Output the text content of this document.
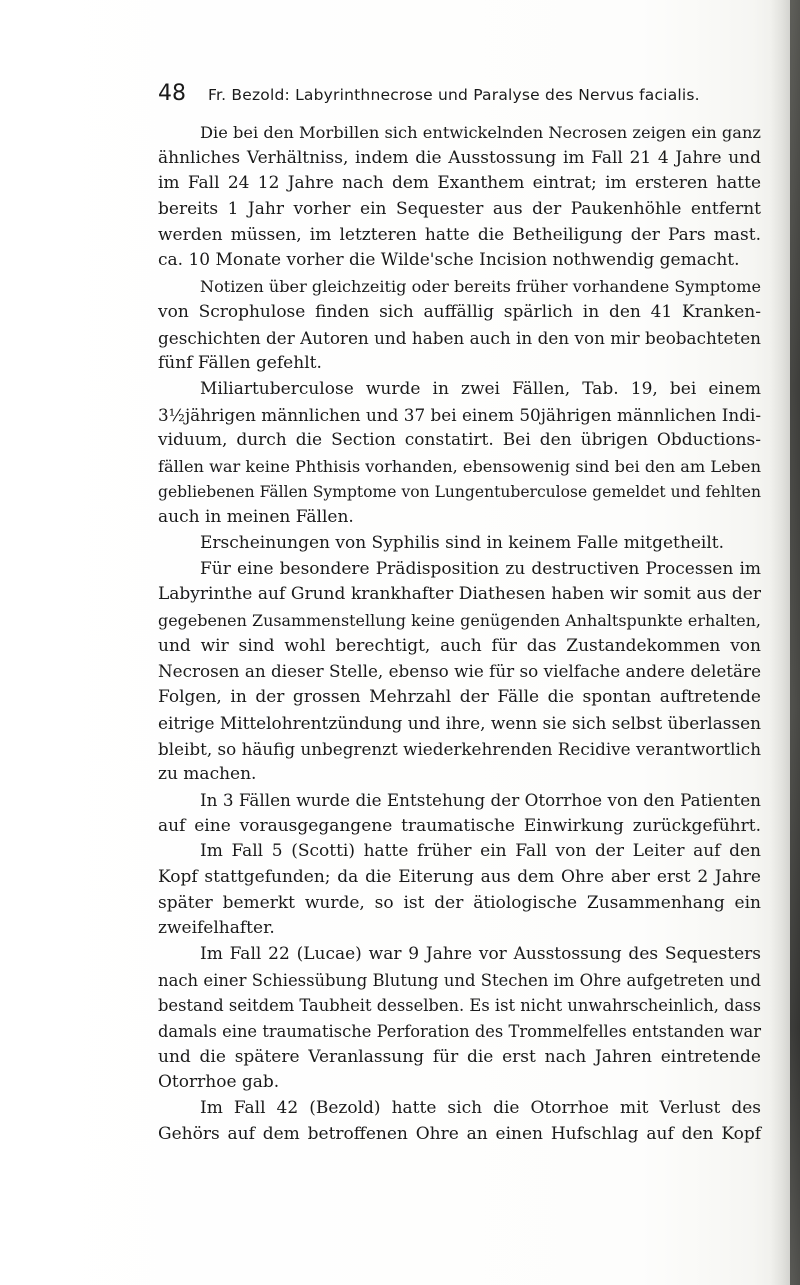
48 Fr. Bezold: Labyrinthnecrose und Paralyse des Nervus facialis.
Die bei den Morbillen sich entwickelnden Necrosen zeigen ein ganz
ähnliches Verhältniss, indem die Ausstossung im Fall 21 4 Jahre und
im Fall 24 12 Jahre nach dem Exanthem eintrat; im ersteren hatte
bereits 1 Jahr vorher ein Sequester aus der Paukenhöhle entfernt
werden müssen, im letzteren hatte die Betheiligung der Pars mast.
ca. 10 Monate vorher die Wilde'sche Incision nothwendig gemacht.
Notizen über gleichzeitig oder bereits früher vorhandene Symptome
von Scrophulose finden sich auffällig spärlich in den 41 Kranken-
geschichten der Autoren und haben auch in den von mir beobachteten
fünf Fällen gefehlt.
Miliartuberculose wurde in zwei Fällen, Tab. 19, bei einem
3½jährigen männlichen und 37 bei einem 50jährigen männlichen Indi-
viduum, durch die Section constatirt. Bei den übrigen Obductions-
fällen war keine Phthisis vorhanden, ebensowenig sind bei den am Leben
gebliebenen Fällen Symptome von Lungentuberculose gemeldet und fehlten
auch in meinen Fällen.
Erscheinungen von Syphilis sind in keinem Falle mitgetheilt.
Für eine besondere Prädisposition zu destructiven Processen im
Labyrinthe auf Grund krankhafter Diathesen haben wir somit aus der
gegebenen Zusammenstellung keine genügenden Anhaltspunkte erhalten,
und wir sind wohl berechtigt, auch für das Zustandekommen von
Necrosen an dieser Stelle, ebenso wie für so vielfache andere deletäre
Folgen, in der grossen Mehrzahl der Fälle die spontan auftretende
eitrige Mittelohrentzündung und ihre, wenn sie sich selbst überlassen
bleibt, so häufig unbegrenzt wiederkehrenden Recidive verantwortlich
zu machen.
In 3 Fällen wurde die Entstehung der Otorrhoe von den Patienten
auf eine vorausgegangene traumatische Einwirkung zurückgeführt.
Im Fall 5 (Scotti) hatte früher ein Fall von der Leiter auf den
Kopf stattgefunden; da die Eiterung aus dem Ohre aber erst 2 Jahre
später bemerkt wurde, so ist der ätiologische Zusammenhang ein
zweifelhafter.
Im Fall 22 (Lucae) war 9 Jahre vor Ausstossung des Sequesters
nach einer Schiessübung Blutung und Stechen im Ohre aufgetreten und
bestand seitdem Taubheit desselben. Es ist nicht unwahrscheinlich, dass
damals eine traumatische Perforation des Trommelfelles entstanden war
und die spätere Veranlassung für die erst nach Jahren eintretende
Otorrhoe gab.
Im Fall 42 (Bezold) hatte sich die Otorrhoe mit Verlust des
Gehörs auf dem betroffenen Ohre an einen Hufschlag auf den Kopf
